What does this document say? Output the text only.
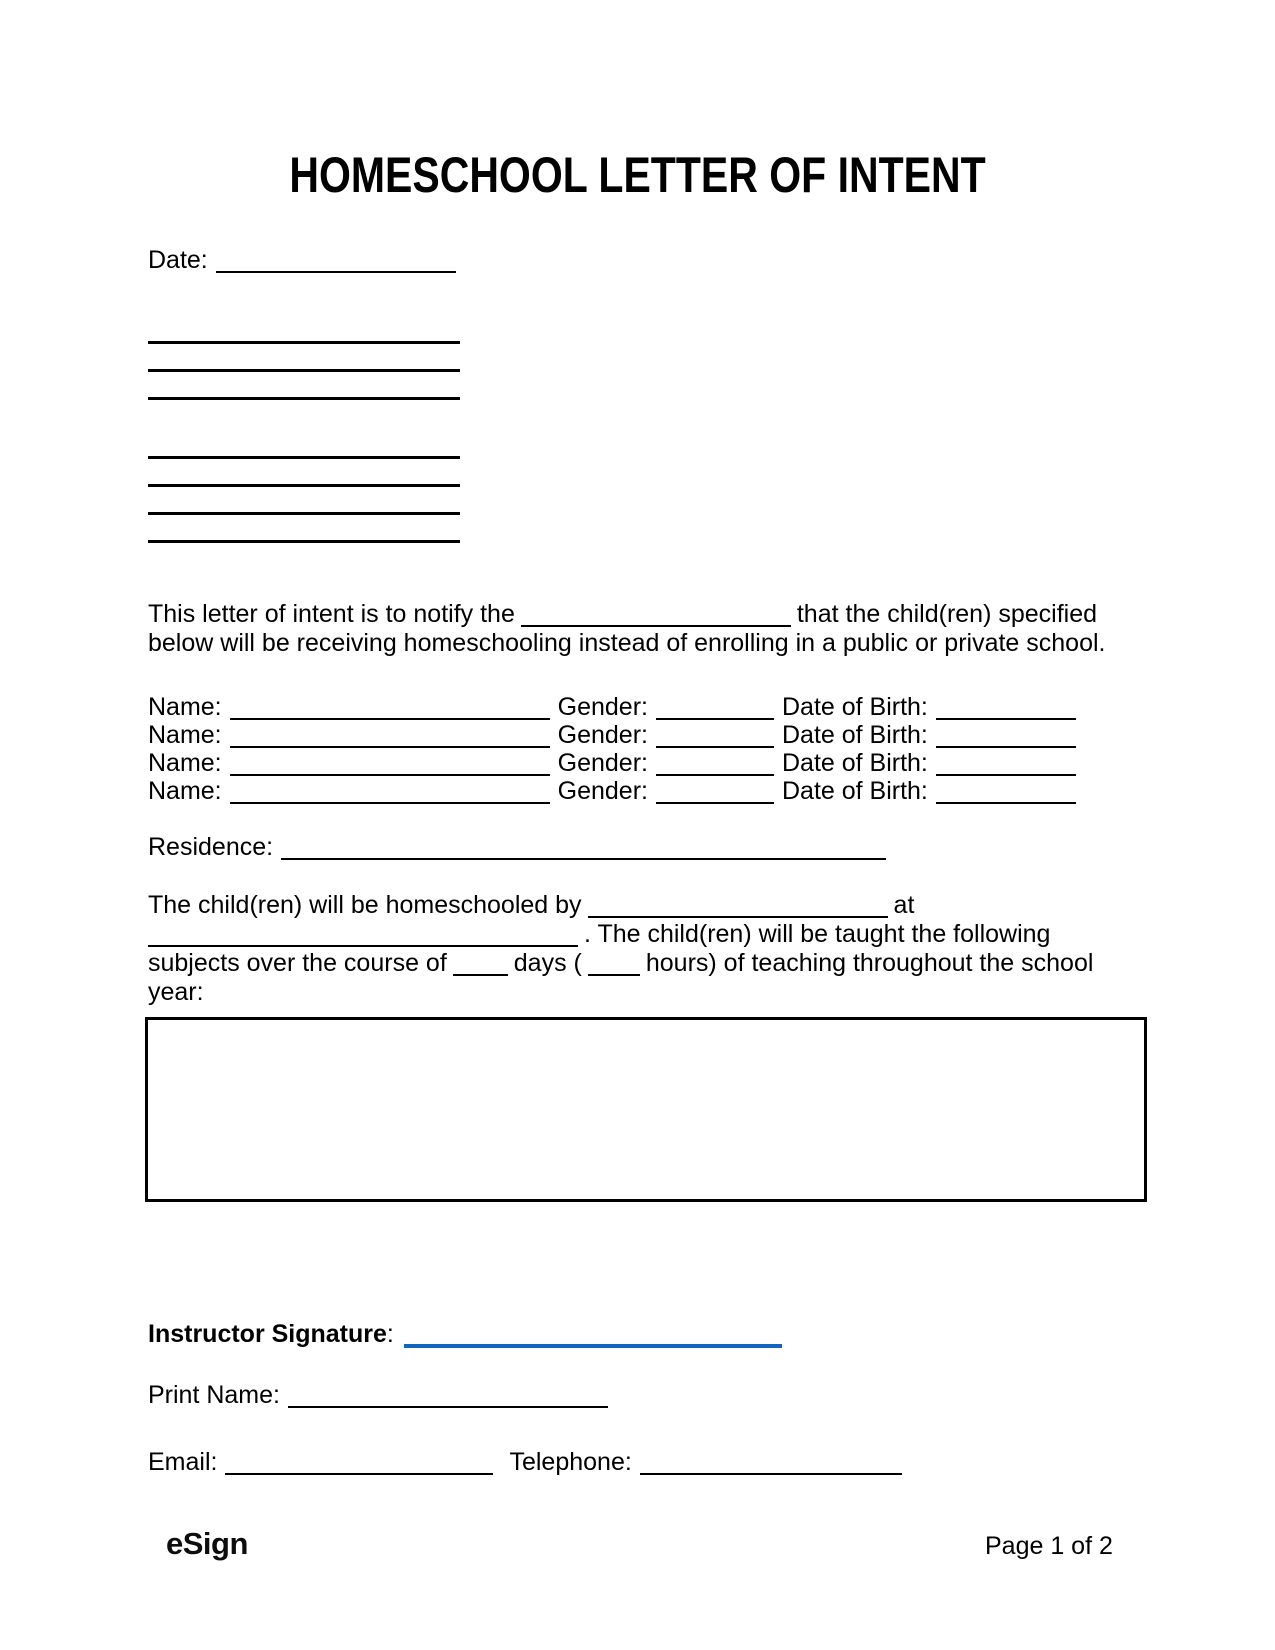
HOMESCHOOL LETTER OF INTENT
Date:
This letter of intent is to notify the	that the child(ren) specified
below will be receiving homeschooling instead of enrolling in a public or private school.
Name:	Gender:	Date of Birth:
Name:	Gender:	Date of Birth:
Name:	Gender:	Date of Birth:
Name:	Gender:	Date of Birth:
Residence:
The child(ren) will be homeschooled by	at
. The child(ren) will be taught the following
subjects over the course of	days (	hours) of teaching throughout the school
year:
Instructor Signature:
Print Name:
Email:	Telephone:
eSign	Page 1 of 2
